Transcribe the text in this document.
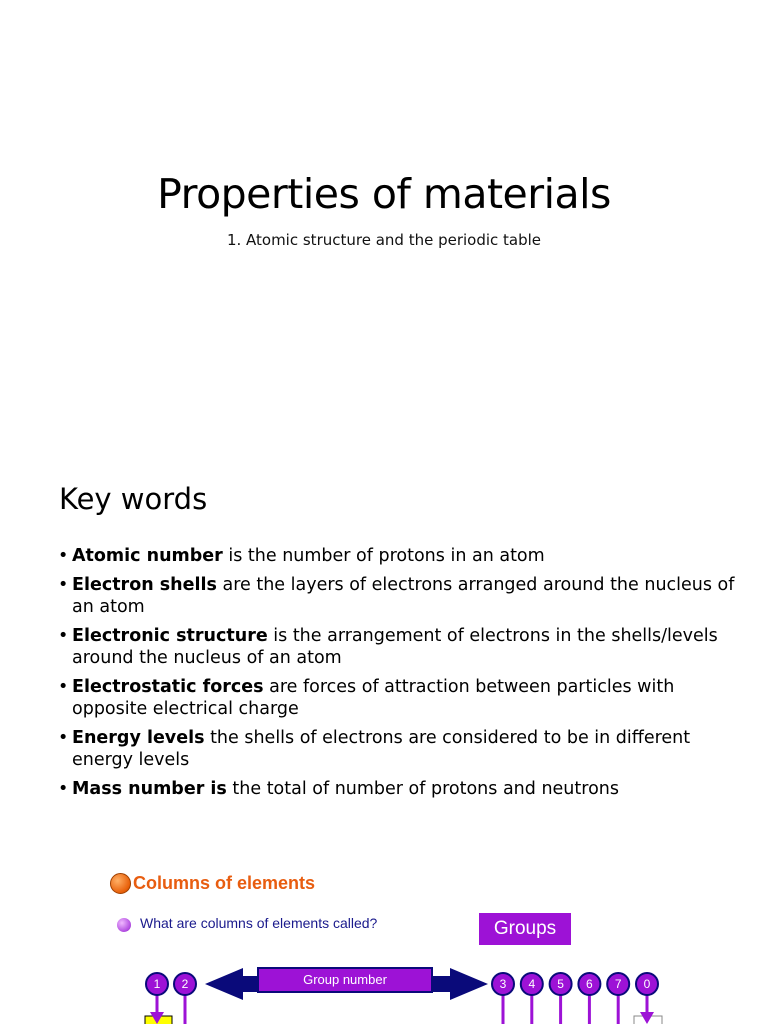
Properties of materials
1. Atomic structure and the periodic table
Key words
• Atomic number is the number of protons in an atom
• Electron shells are the layers of electrons arranged around the nucleus of an atom
• Electronic structure is the arrangement of electrons in the shells/levels around the nucleus of an atom
• Electrostatic forces are forces of attraction between particles with opposite electrical charge
• Energy levels the shells of electrons are considered to be in different energy levels
• Mass number is the total of number of protons and neutrons
Columns of elements
What are columns of elements called?	Groups
Group number
1 2	3 4 5 6 7 0
